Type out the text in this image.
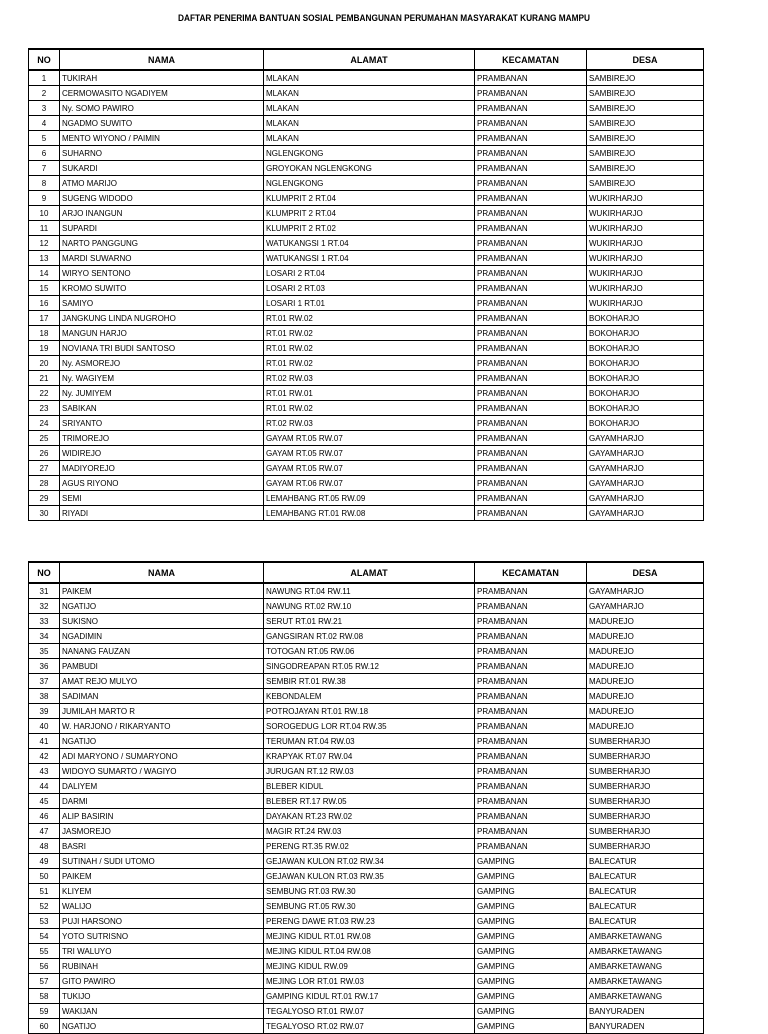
DAFTAR PENERIMA BANTUAN SOSIAL PEMBANGUNAN PERUMAHAN MASYARAKAT KURANG MAMPU
NO	NAMA	ALAMAT	KECAMATAN	DESA
1	TUKIRAH	MLAKAN	PRAMBANAN	SAMBIREJO
2	CERMOWASITO NGADIYEM	MLAKAN	PRAMBANAN	SAMBIREJO
3	Ny. SOMO PAWIRO	MLAKAN	PRAMBANAN	SAMBIREJO
4	NGADMO SUWITO	MLAKAN	PRAMBANAN	SAMBIREJO
5	MENTO WIYONO / PAIMIN	MLAKAN	PRAMBANAN	SAMBIREJO
6	SUHARNO	NGLENGKONG	PRAMBANAN	SAMBIREJO
7	SUKARDI	GROYOKAN NGLENGKONG	PRAMBANAN	SAMBIREJO
8	ATMO MARIJO	NGLENGKONG	PRAMBANAN	SAMBIREJO
9	SUGENG WIDODO	KLUMPRIT 2 RT.04	PRAMBANAN	WUKIRHARJO
10	ARJO INANGUN	KLUMPRIT 2 RT.04	PRAMBANAN	WUKIRHARJO
11	SUPARDI	KLUMPRIT 2 RT.02	PRAMBANAN	WUKIRHARJO
12	NARTO PANGGUNG	WATUKANGSI 1 RT.04	PRAMBANAN	WUKIRHARJO
13	MARDI SUWARNO	WATUKANGSI 1 RT.04	PRAMBANAN	WUKIRHARJO
14	WIRYO SENTONO	LOSARI 2 RT.04	PRAMBANAN	WUKIRHARJO
15	KROMO SUWITO	LOSARI 2 RT.03	PRAMBANAN	WUKIRHARJO
16	SAMIYO	LOSARI 1 RT.01	PRAMBANAN	WUKIRHARJO
17	JANGKUNG LINDA NUGROHO	RT.01 RW.02	PRAMBANAN	BOKOHARJO
18	MANGUN HARJO	RT.01 RW.02	PRAMBANAN	BOKOHARJO
19	NOVIANA TRI BUDI SANTOSO	RT.01 RW.02	PRAMBANAN	BOKOHARJO
20	Ny. ASMOREJO	RT.01 RW.02	PRAMBANAN	BOKOHARJO
21	Ny. WAGIYEM	RT.02 RW.03	PRAMBANAN	BOKOHARJO
22	Ny. JUMIYEM	RT.01 RW.01	PRAMBANAN	BOKOHARJO
23	SABIKAN	RT.01 RW.02	PRAMBANAN	BOKOHARJO
24	SRIYANTO	RT.02 RW.03	PRAMBANAN	BOKOHARJO
25	TRIMOREJO	GAYAM RT.05 RW.07	PRAMBANAN	GAYAMHARJO
26	WIDIREJO	GAYAM RT.05 RW.07	PRAMBANAN	GAYAMHARJO
27	MADIYOREJO	GAYAM RT.05 RW.07	PRAMBANAN	GAYAMHARJO
28	AGUS RIYONO	GAYAM RT.06 RW.07	PRAMBANAN	GAYAMHARJO
29	SEMI	LEMAHBANG RT.05 RW.09	PRAMBANAN	GAYAMHARJO
30	RIYADI	LEMAHBANG RT.01 RW.08	PRAMBANAN	GAYAMHARJO
NO	NAMA	ALAMAT	KECAMATAN	DESA
31	PAIKEM	NAWUNG RT.04 RW.11	PRAMBANAN	GAYAMHARJO
32	NGATIJO	NAWUNG RT.02 RW.10	PRAMBANAN	GAYAMHARJO
33	SUKISNO	SERUT RT.01 RW.21	PRAMBANAN	MADUREJO
34	NGADIMIN	GANGSIRAN RT.02 RW.08	PRAMBANAN	MADUREJO
35	NANANG FAUZAN	TOTOGAN RT.05 RW.06	PRAMBANAN	MADUREJO
36	PAMBUDI	SINGODREAPAN RT.05 RW.12	PRAMBANAN	MADUREJO
37	AMAT REJO MULYO	SEMBIR RT.01 RW.38	PRAMBANAN	MADUREJO
38	SADIMAN	KEBONDALEM	PRAMBANAN	MADUREJO
39	JUMILAH MARTO R	POTROJAYAN RT.01 RW.18	PRAMBANAN	MADUREJO
40	W. HARJONO / RIKARYANTO	SOROGEDUG LOR RT.04 RW.35	PRAMBANAN	MADUREJO
41	NGATIJO	TERUMAN RT.04 RW.03	PRAMBANAN	SUMBERHARJO
42	ADI MARYONO / SUMARYONO	KRAPYAK RT.07 RW.04	PRAMBANAN	SUMBERHARJO
43	WIDOYO SUMARTO / WAGIYO	JURUGAN RT.12 RW.03	PRAMBANAN	SUMBERHARJO
44	DALIYEM	BLEBER KIDUL	PRAMBANAN	SUMBERHARJO
45	DARMI	BLEBER RT.17 RW.05	PRAMBANAN	SUMBERHARJO
46	ALIP BASIRIN	DAYAKAN RT.23 RW.02	PRAMBANAN	SUMBERHARJO
47	JASMOREJO	MAGIR RT.24 RW.03	PRAMBANAN	SUMBERHARJO
48	BASRI	PERENG RT.35 RW.02	PRAMBANAN	SUMBERHARJO
49	SUTINAH / SUDI UTOMO	GEJAWAN KULON RT.02 RW.34	GAMPING	BALECATUR
50	PAIKEM	GEJAWAN KULON RT.03 RW.35	GAMPING	BALECATUR
51	KLIYEM	SEMBUNG RT.03 RW.30	GAMPING	BALECATUR
52	WALIJO	SEMBUNG RT.05 RW.30	GAMPING	BALECATUR
53	PUJI HARSONO	PERENG DAWE RT.03 RW.23	GAMPING	BALECATUR
54	YOTO SUTRISNO	MEJING KIDUL RT.01 RW.08	GAMPING	AMBARKETAWANG
55	TRI WALUYO	MEJING KIDUL RT.04 RW.08	GAMPING	AMBARKETAWANG
56	RUBINAH	MEJING KIDUL RW.09	GAMPING	AMBARKETAWANG
57	GITO PAWIRO	MEJING LOR RT.01 RW.03	GAMPING	AMBARKETAWANG
58	TUKIJO	GAMPING KIDUL RT.01 RW.17	GAMPING	AMBARKETAWANG
59	WAKIJAN	TEGALYOSO RT.01 RW.07	GAMPING	BANYURADEN
60	NGATIJO	TEGALYOSO RT.02 RW.07	GAMPING	BANYURADEN
